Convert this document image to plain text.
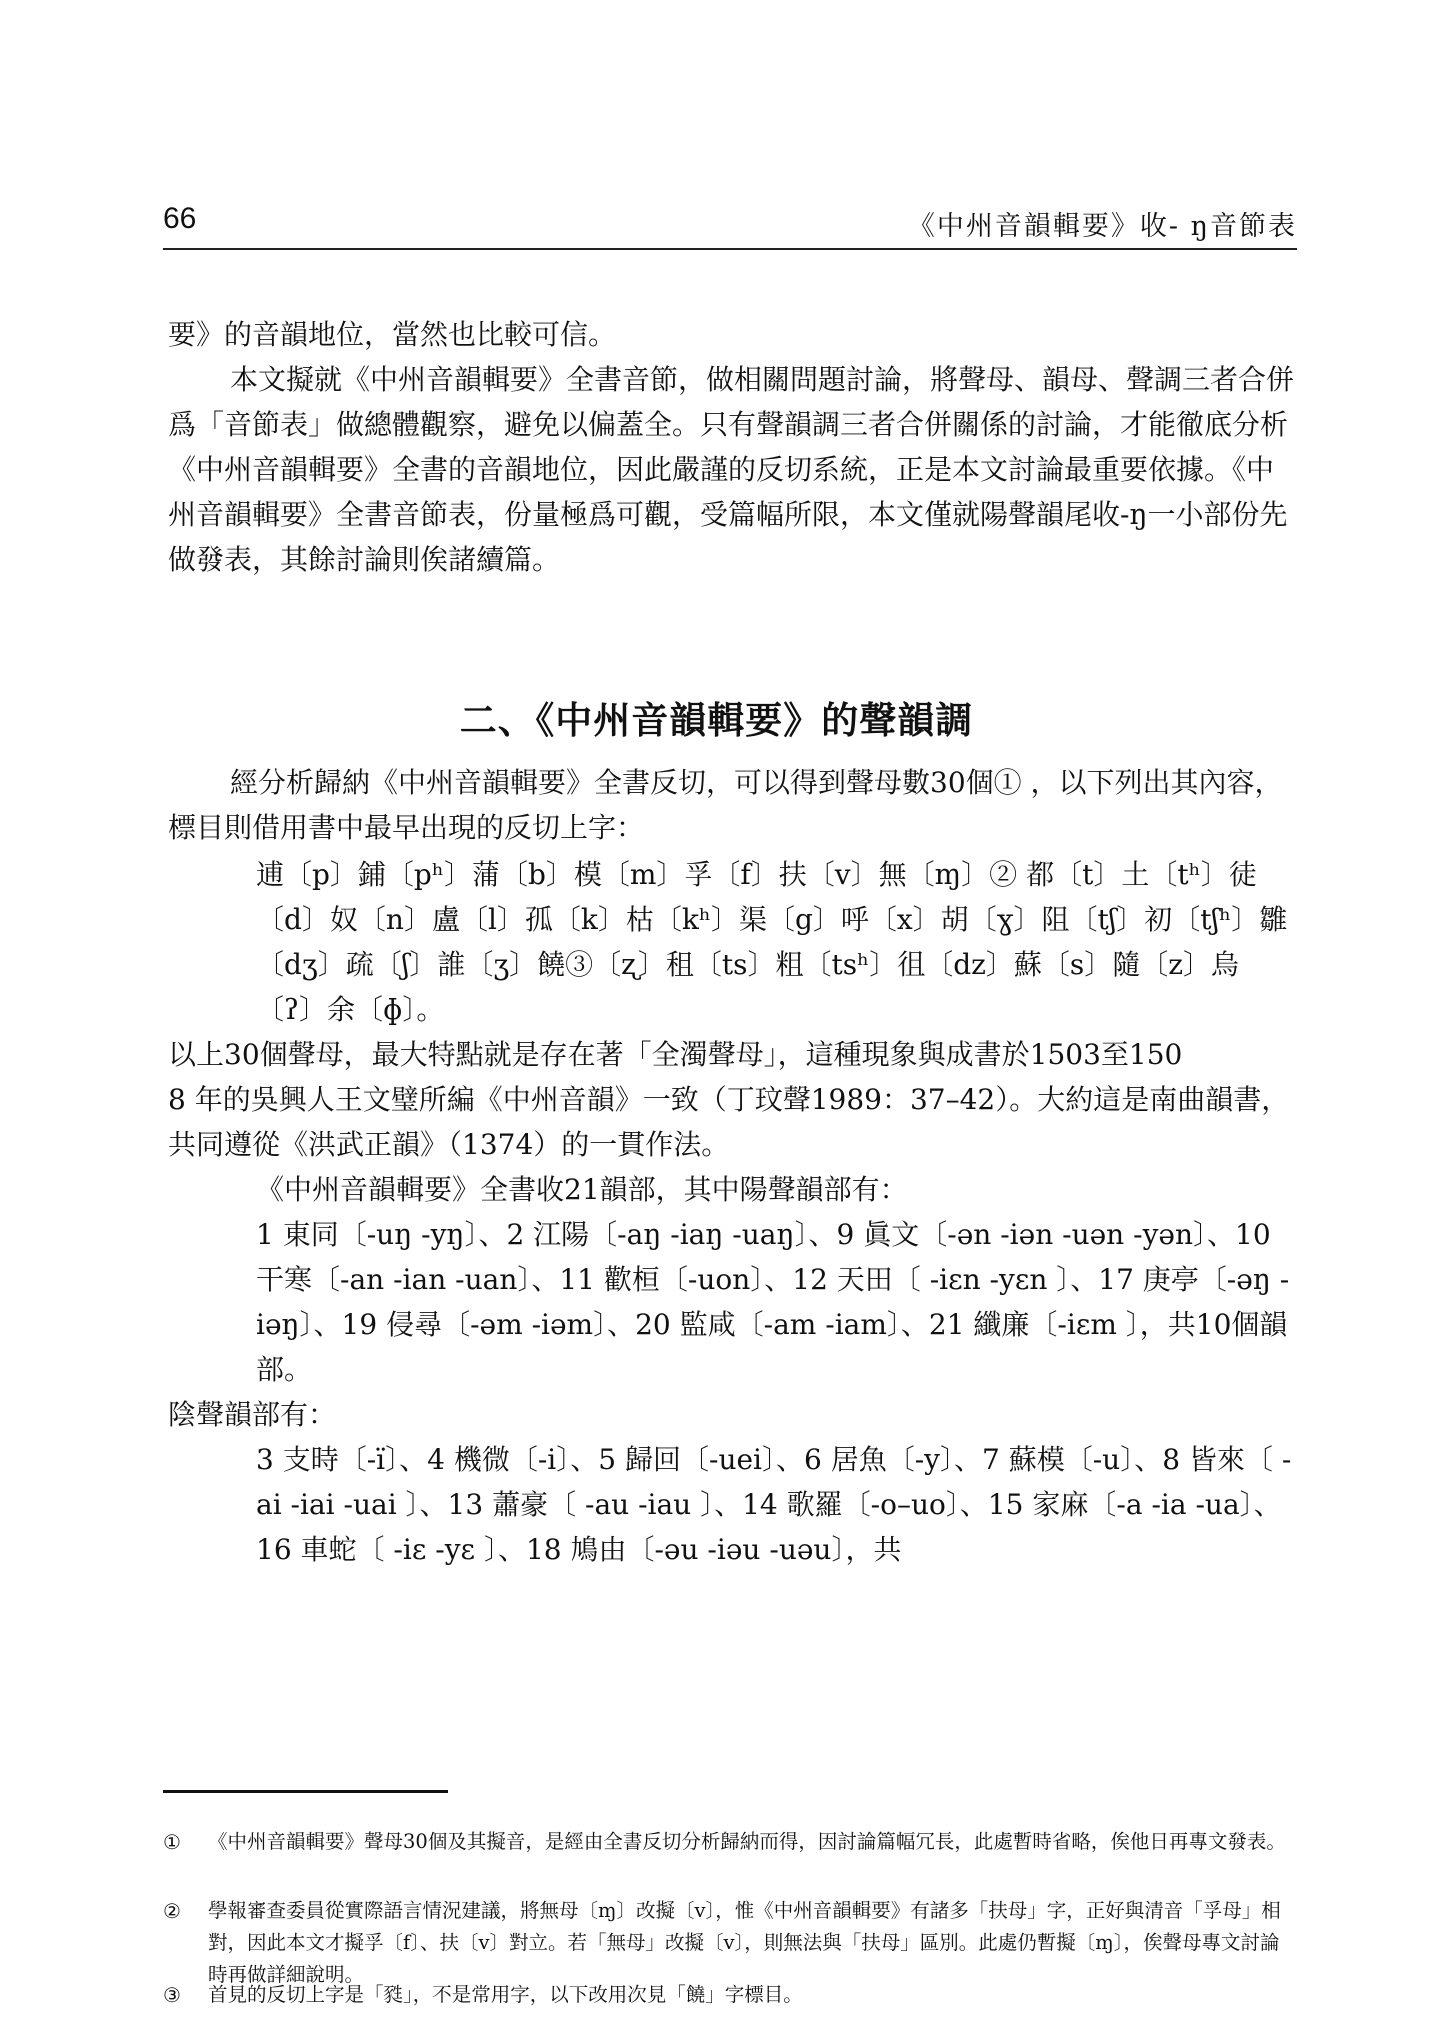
66	《中州音韻輯要》收- ŋ音節表

要》的音韻地位，當然也比較可信。

本文擬就《中州音韻輯要》全書音節，做相關問題討論，將聲母、韻母、聲調三者合併爲「音節表」做總體觀察，避免以偏蓋全。只有聲韻調三者合併關係的討論，才能徹底分析《中州音韻輯要》全書的音韻地位，因此嚴謹的反切系統，正是本文討論最重要依據。《中州音韻輯要》全書音節表，份量極爲可觀，受篇幅所限，本文僅就陽聲韻尾收-ŋ一小部份先做發表，其餘討論則俟諸續篇。

二、《中州音韻輯要》的聲韻調

經分析歸納《中州音韻輯要》全書反切，可以得到聲母數30個① ，以下列出其內容，標目則借用書中最早出現的反切上字：

逋〔p〕鋪〔pʰ〕蒲〔b〕模〔m〕孚〔f〕扶〔v〕無〔ɱ〕② 都〔t〕土〔tʰ〕徒〔d〕奴〔n〕盧〔l〕孤〔k〕枯〔kʰ〕渠〔g〕呼〔x〕胡〔ɣ〕阻〔tʃ〕初〔tʃʰ〕雛〔dʒ〕疏〔ʃ〕誰〔ʒ〕饒③〔ʐ〕租〔ts〕粗〔tsʰ〕徂〔dz〕蘇〔s〕隨〔z〕烏〔ʔ〕余〔ɸ〕。

以上30個聲母，最大特點就是存在著「全濁聲母」，這種現象與成書於1503至150

8 年的吳興人王文璧所編《中州音韻》一致（丁玟聲1989：37–42）。大約這是南曲韻書，共同遵從《洪武正韻》（1374）的一貫作法。

《中州音韻輯要》全書收21韻部，其中陽聲韻部有：

1 東同〔-uŋ -yŋ〕、2 江陽〔-aŋ -iaŋ -uaŋ〕、9 眞文〔-ən -iən -uən -yən〕、10 干寒〔-an -ian -uan〕、11 歡桓〔-uon〕、12 天田〔 -iɛn -yɛn 〕、17 庚亭〔-əŋ -iəŋ〕、19 侵尋〔-əm -iəm〕、20 監咸〔-am -iam〕、21 纖廉〔-iɛm 〕，共10個韻部。

陰聲韻部有：

3 支時〔-ï〕、4 機微〔-i〕、5 歸回〔-uei〕、6 居魚〔-y〕、7 蘇模〔-u〕、8 皆來〔 -ai -iai -uai 〕、13 蕭豪〔 -au -iau 〕、14 歌羅〔-o–uo〕、15 家麻〔-a -ia -ua〕、16 車蛇〔 -iɛ -yɛ 〕、18 鳩由〔-əu -iəu -uəu〕，共

① 《中州音韻輯要》聲母30個及其擬音，是經由全書反切分析歸納而得，因討論篇幅冗長，此處暫時省略，俟他日再專文發表。
② 學報審查委員從實際語言情況建議，將無母〔ɱ〕改擬〔v〕，惟《中州音韻輯要》有諸多「扶母」字，正好與清音「孚母」相對，因此本文才擬孚〔f〕、扶〔v〕對立。若「無母」改擬〔v〕，則無法與「扶母」區別。此處仍暫擬〔ɱ〕，俟聲母專文討論時再做詳細說明。
③ 首見的反切上字是「甤」，不是常用字，以下改用次見「饒」字標目。
